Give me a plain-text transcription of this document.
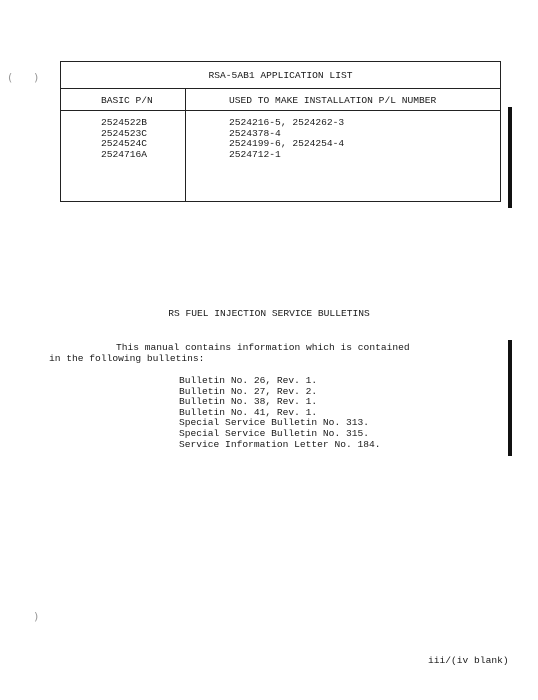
( )
)
RSA-5AB1 APPLICATION LIST
BASIC P/N	USED TO MAKE INSTALLATION P/L NUMBER
2524522B
2524523C
2524524C
2524716A
2524216-5, 2524262-3
2524378-4
2524199-6, 2524254-4
2524712-1
RS FUEL INJECTION SERVICE BULLETINS
This manual contains information which is contained
in the following bulletins:
Bulletin No. 26, Rev. 1.
Bulletin No. 27, Rev. 2.
Bulletin No. 38, Rev. 1.
Bulletin No. 41, Rev. 1.
Special Service Bulletin No. 313.
Special Service Bulletin No. 315.
Service Information Letter No. 184.
iii/(iv blank)
